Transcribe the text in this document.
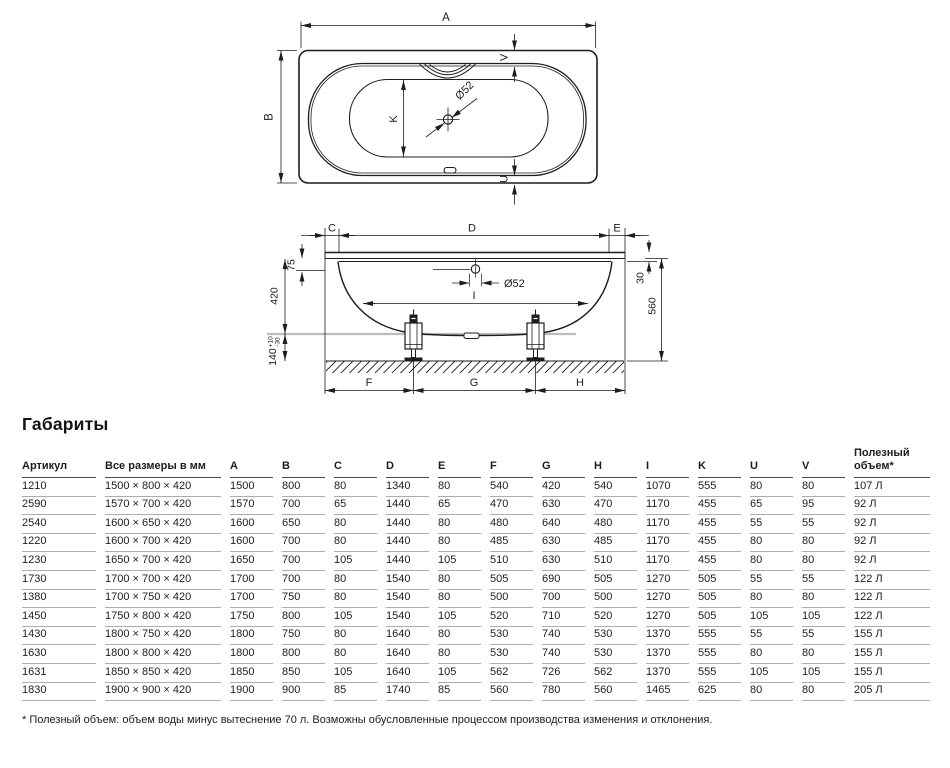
Ø52
A
B
V
U
K
C	D	E
Ø52
I
75
420
$140^{+10}-30$
30
560
F	G	H
Габариты
Артикул	Все размеры в мм	A	B	C	D	E	F	G	H	I	K	U	V	Полезный объем*

1210	1500 × 800 × 420	1500	800	80	1340	80	540	420	540	1070	555	80	80	107 Л

2590	1570 × 700 × 420	1570	700	65	1440	65	470	630	470	1170	455	65	95	92 Л

2540	1600 × 650 × 420	1600	650	80	1440	80	480	640	480	1170	455	55	55	92 Л

1220	1600 × 700 × 420	1600	700	80	1440	80	485	630	485	1170	455	80	80	92 Л

1230	1650 × 700 × 420	1650	700	105	1440	105	510	630	510	1170	455	80	80	92 Л

1730	1700 × 700 × 420	1700	700	80	1540	80	505	690	505	1270	505	55	55	122 Л

1380	1700 × 750 × 420	1700	750	80	1540	80	500	700	500	1270	505	80	80	122 Л

1450	1750 × 800 × 420	1750	800	105	1540	105	520	710	520	1270	505	105	105	122 Л

1430	1800 × 750 × 420	1800	750	80	1640	80	530	740	530	1370	555	55	55	155 Л

1630	1800 × 800 × 420	1800	800	80	1640	80	530	740	530	1370	555	80	80	155 Л

1631	1850 × 850 × 420	1850	850	105	1640	105	562	726	562	1370	555	105	105	155 Л

1830	1900 × 900 × 420	1900	900	85	1740	85	560	780	560	1465	625	80	80	205 Л
* Полезный объем: объем воды минус вытеснение 70 л. Возможны обусловленные процессом производства изменения и отклонения.
